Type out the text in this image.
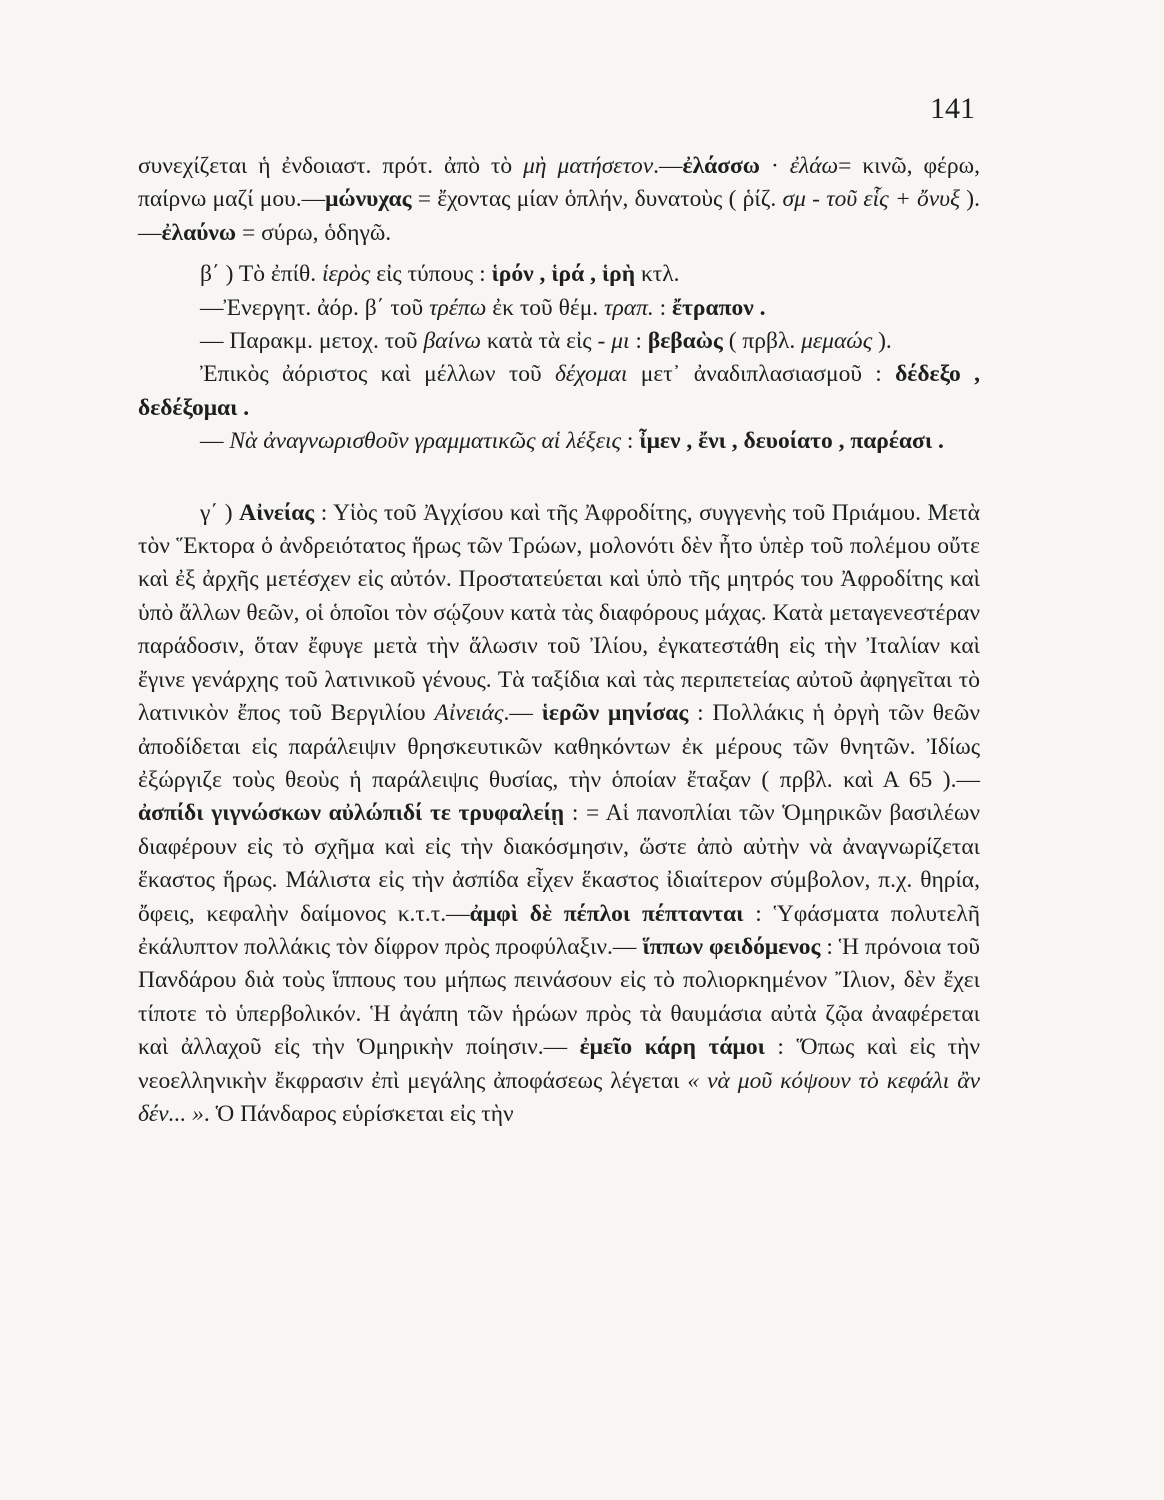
141

συνεχίζεται ἡ ἐνδοιαστ. πρότ. ἀπὸ τὸ μὴ ματήσετον.—ἐλάσσω · ἐλάω= κινῶ, φέρω, παίρνω μαζί μου.—μώνυχας = ἔχοντας μίαν ὁπλήν, δυνατοὺς ( ῥίζ. σμ - τοῦ εἷς + ὄνυξ ).—ἐλαύνω = σύρω, ὁδηγῶ.

β΄ ) Τὸ ἐπίθ. ἱερὸς εἰς τύπους : ἱρόν , ἱρά , ἱρὴ κτλ.

—Ἐνεργητ. ἀόρ. β΄ τοῦ τρέπω ἐκ τοῦ θέμ. τραπ. : ἔτραπον .

— Παρακμ. μετοχ. τοῦ βαίνω κατὰ τὰ εἰς - μι : βεβαὼς ( πρβλ. μεμαώς ).

Ἐπικὸς ἀόριστος καὶ μέλλων τοῦ δέχομαι μετ᾽ ἀναδιπλασιασμοῦ : δέδεξο , δεδέξομαι .

— Νὰ ἀναγνωρισθοῦν γραμματικῶς αἱ λέξεις : ἶμεν , ἔνι , δευοίατο , παρέασι .

γ΄ ) Αἰνείας : Υἱὸς τοῦ Ἀγχίσου καὶ τῆς Ἀφροδίτης, συγγενὴς τοῦ Πριάμου. Μετὰ τὸν Ἕκτορα ὁ ἀνδρειότατος ἥρως τῶν Τρώων, μολονότι δὲν ἦτο ὑπὲρ τοῦ πολέμου οὔτε καὶ ἐξ ἀρχῆς μετέσχεν εἰς αὐτόν. Προστατεύεται καὶ ὑπὸ τῆς μητρός του Ἀφροδίτης καὶ ὑπὸ ἄλλων θεῶν, οἱ ὁποῖοι τὸν σῴζουν κατὰ τὰς διαφόρους μάχας. Κατὰ μεταγενεστέραν παράδοσιν, ὅταν ἔφυγε μετὰ τὴν ἅλωσιν τοῦ Ἰλίου, ἐγκατεστάθη εἰς τὴν Ἰταλίαν καὶ ἔγινε γενάρχης τοῦ λατινικοῦ γένους. Τὰ ταξίδια καὶ τὰς περιπετείας αὐτοῦ ἀφηγεῖται τὸ λατινικὸν ἔπος τοῦ Βεργιλίου Αἰνειάς.— ἱερῶν μηνίσας : Πολλάκις ἡ ὀργὴ τῶν θεῶν ἀποδίδεται εἰς παράλειψιν θρησκευτικῶν καθηκόντων ἐκ μέρους τῶν θνητῶν. Ἰδίως ἐξώργιζε τοὺς θεοὺς ἡ παράλειψις θυσίας, τὴν ὁποίαν ἔταξαν ( πρβλ. καὶ Α 65 ).— ἀσπίδι γιγνώσκων αὐλώπιδί τε τρυφαλείῃ : = Αἱ πανοπλίαι τῶν Ὁμηρικῶν βασιλέων διαφέρουν εἰς τὸ σχῆμα καὶ εἰς τὴν διακόσμησιν, ὥστε ἀπὸ αὐτὴν νὰ ἀναγνωρίζεται ἕκαστος ἥρως. Μάλιστα εἰς τὴν ἀσπίδα εἶχεν ἕκαστος ἰδιαίτερον σύμβολον, π.χ. θηρία, ὄφεις, κεφαλὴν δαίμονος κ.τ.τ.—ἀμφὶ δὲ πέπλοι πέπτανται : Ὑφάσματα πολυτελῆ ἐκάλυπτον πολλάκις τὸν δίφρον πρὸς προφύλαξιν.— ἵππων φειδόμενος : Ἡ πρόνοια τοῦ Πανδάρου διὰ τοὺς ἵππους του μήπως πεινάσουν εἰς τὸ πολιορκημένον Ἴλιον, δὲν ἔχει τίποτε τὸ ὑπερβολικόν. Ἡ ἀγάπη τῶν ἡρώων πρὸς τὰ θαυμάσια αὐτὰ ζῷα ἀναφέρεται καὶ ἀλλαχοῦ εἰς τὴν Ὁμηρικὴν ποίησιν.— ἐμεῖο κάρη τάμοι : Ὅπως καὶ εἰς τὴν νεοελληνικὴν ἔκφρασιν ἐπὶ μεγάλης ἀποφάσεως λέγεται « νὰ μοῦ κόψουν τὸ κεφάλι ἂν δέν... ». Ὁ Πάνδαρος εὑρίσκεται εἰς τὴν
